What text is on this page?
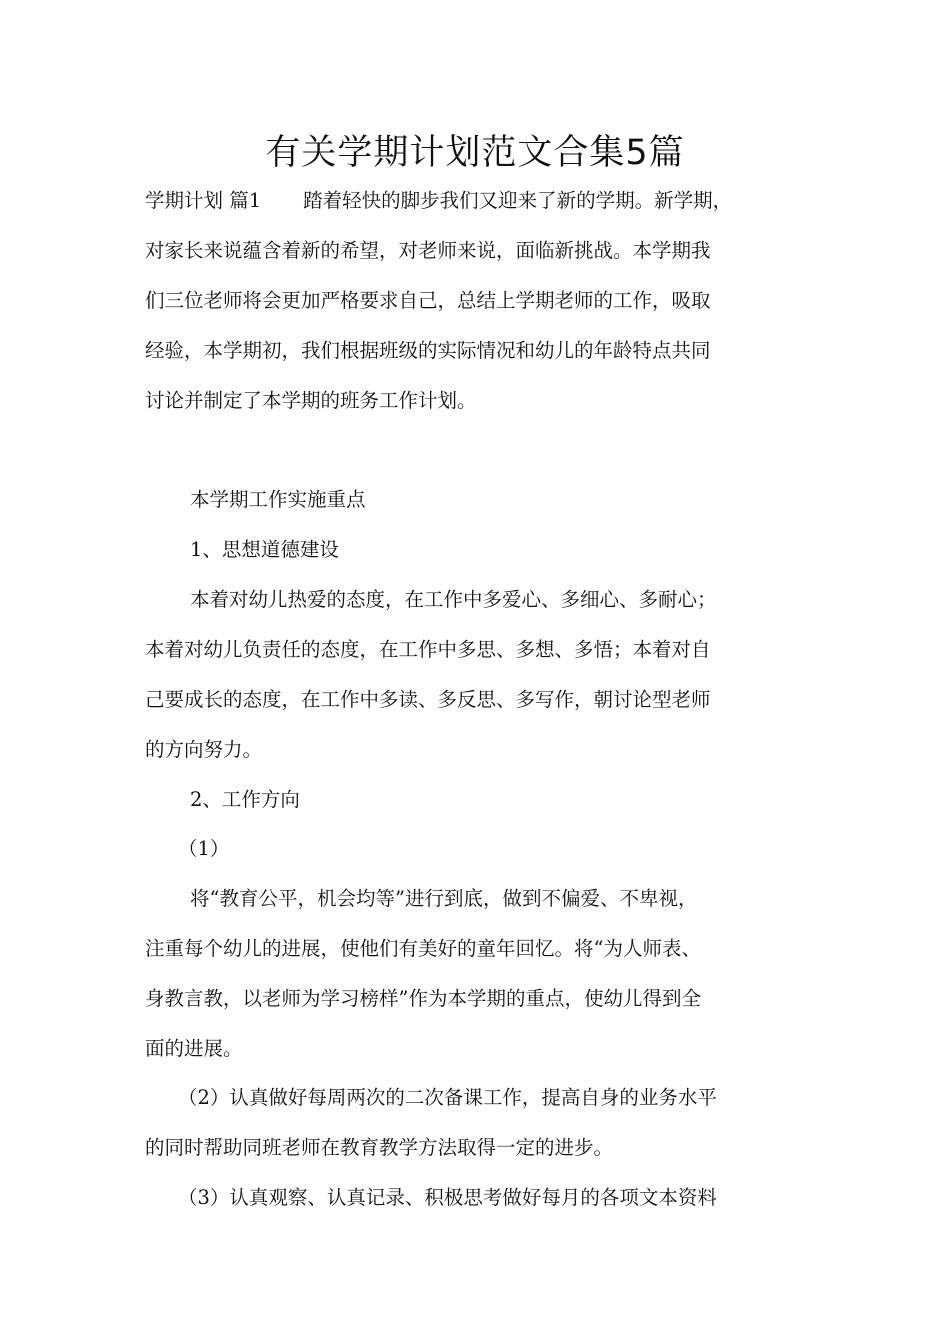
有关学期计划范文合集5篇
学期计划 篇1 踏着轻快的脚步我们又迎来了新的学期。新学期，
对家长来说蕴含着新的希望，对老师来说，面临新挑战。本学期我
们三位老师将会更加严格要求自己，总结上学期老师的工作，吸取
经验，本学期初，我们根据班级的实际情况和幼儿的年龄特点共同
讨论并制定了本学期的班务工作计划。
本学期工作实施重点
1、思想道德建设
本着对幼儿热爱的态度，在工作中多爱心、多细心、多耐心；
本着对幼儿负责任的态度，在工作中多思、多想、多悟；本着对自
己要成长的态度，在工作中多读、多反思、多写作，朝讨论型老师
的方向努力。
2、工作方向
（1）
将“教育公平，机会均等”进行到底，做到不偏爱、不卑视，
注重每个幼儿的进展，使他们有美好的童年回忆。将“为人师表、
身教言教，以老师为学习榜样”作为本学期的重点，使幼儿得到全
面的进展。
（2）认真做好每周两次的二次备课工作，提高自身的业务水平
的同时帮助同班老师在教育教学方法取得一定的进步。
（3）认真观察、认真记录、积极思考做好每月的各项文本资料
